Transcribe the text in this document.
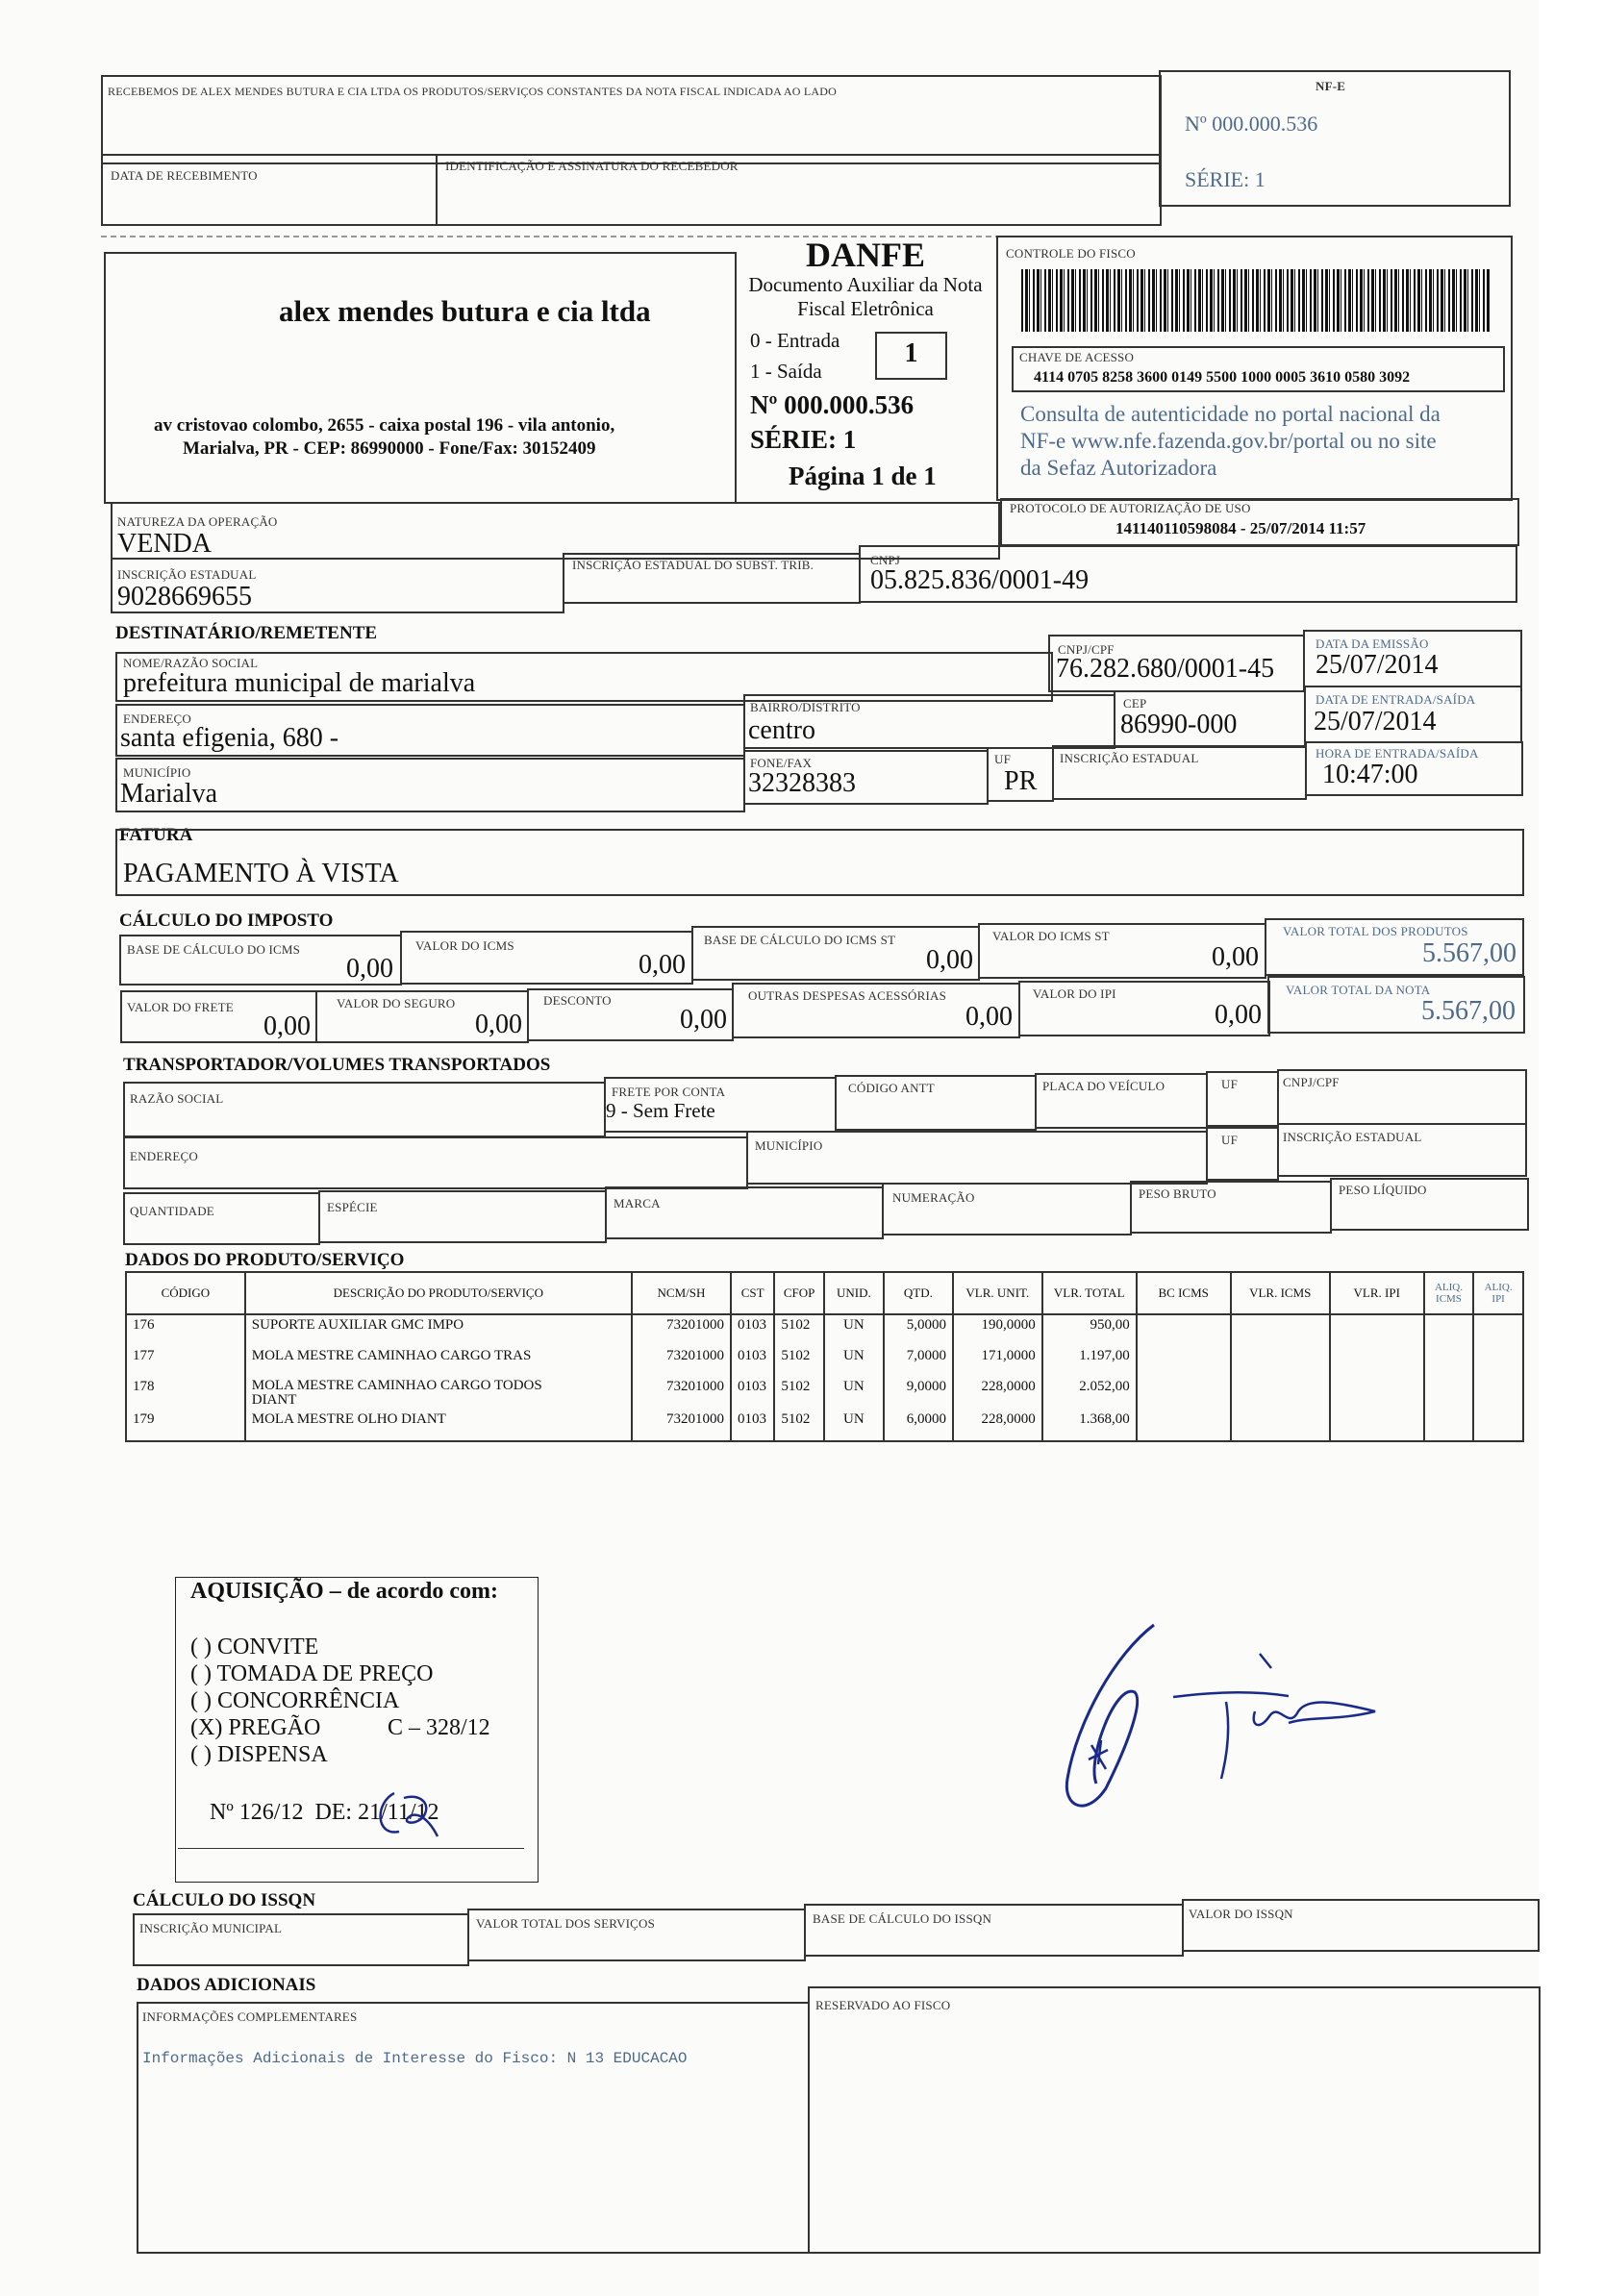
RECEBEMOS DE ALEX MENDES BUTURA E CIA LTDA OS PRODUTOS/SERVIÇOS CONSTANTES DA NOTA FISCAL INDICADA AO LADO
DATA DE RECEBIMENTO
IDENTIFICAÇÃO E ASSINATURA DO RECEBEDOR
NF-E
Nº 000.000.536
SÉRIE: 1
alex mendes butura e cia ltda
av cristovao colombo, 2655 - caixa postal 196 - vila antonio,
Marialva, PR - CEP: 86990000 - Fone/Fax: 30152409
DANFE
Documento Auxiliar da Nota
Fiscal Eletrônica
0 - Entrada
1 - Saída
1
Nº 000.000.536
SÉRIE: 1
Página 1 de 1
CONTROLE DO FISCO
CHAVE DE ACESSO
4114 0705 8258 3600 0149 5500 1000 0005 3610 0580 3092
Consulta de autenticidade no portal nacional da
NF-e www.nfe.fazenda.gov.br/portal ou no site
da Sefaz Autorizadora
NATUREZA DA OPERAÇÃO
VENDA
PROTOCOLO DE AUTORIZAÇÃO DE USO
141140110598084 - 25/07/2014 11:57
INSCRIÇÃO ESTADUAL
9028669655
INSCRIÇÃO ESTADUAL DO SUBST. TRIB.	CNPJ
05.825.836/0001-49
DESTINATÁRIO/REMETENTE
NOME/RAZÃO SOCIAL
prefeitura municipal de marialva
CNPJ/CPF
76.282.680/0001-45
DATA DA EMISSÃO
25/07/2014
ENDEREÇO
santa efigenia, 680 -
BAIRRO/DISTRITO
centro
CEP
86990-000
DATA DE ENTRADA/SAÍDA
25/07/2014
MUNICÍPIO
Marialva
FONE/FAX
32328383
UF
PR
INSCRIÇÃO ESTADUAL	HORA DE ENTRADA/SAÍDA
10:47:00
FATURA
PAGAMENTO À VISTA
CÁLCULO DO IMPOSTO
BASE DE CÁLCULO DO ICMS
0,00
VALOR DO ICMS
0,00
BASE DE CÁLCULO DO ICMS ST
0,00
VALOR DO ICMS ST
0,00
VALOR TOTAL DOS PRODUTOS
5.567,00
VALOR DO FRETE
0,00
VALOR DO SEGURO
0,00
DESCONTO
0,00
OUTRAS DESPESAS ACESSÓRIAS
0,00
VALOR DO IPI
0,00
VALOR TOTAL DA NOTA
5.567,00
TRANSPORTADOR/VOLUMES TRANSPORTADOS
RAZÃO SOCIAL	FRETE POR CONTA
9 - Sem Frete
CÓDIGO ANTT	PLACA DO VEÍCULO	UF	CNPJ/CPF
ENDEREÇO
MUNICÍPIO	UF	INSCRIÇÃO ESTADUAL
QUANTIDADE	ESPÉCIE	MARCA	NUMERAÇÃO	PESO BRUTO	PESO LÍQUIDO
DADOS DO PRODUTO/SERVIÇO
CÓDIGO	DESCRIÇÃO DO PRODUTO/SERVIÇO	NCM/SH	CST	CFOP	UNID.	QTD.	VLR. UNIT.	VLR. TOTAL	BC ICMS	VLR. ICMS	VLR. IPI	ALIQ. ICMS	ALIQ. IPI
176	SUPORTE AUXILIAR GMC IMPO	73201000	0103	5102	UN	5,0000	190,0000	950,00					
177	MOLA MESTRE CAMINHAO CARGO TRAS	73201000	0103	5102	UN	7,0000	171,0000	1.197,00					
178	MOLA MESTRE CAMINHAO CARGO TODOS
DIANT	73201000	0103	5102	UN	9,0000	228,0000	2.052,00					
179	MOLA MESTRE OLHO DIANT	73201000	0103	5102	UN	6,0000	228,0000	1.368,00					
AQUISIÇÃO – de acordo com:
( ) CONVITE
( ) TOMADA DE PREÇO
( ) CONCORRÊNCIA
(X) PREGÃO	C – 328/12
( ) DISPENSA
Nº 126/12  DE: 21/11/12
CÁLCULO DO ISSQN
INSCRIÇÃO MUNICIPAL	VALOR TOTAL DOS SERVIÇOS	BASE DE CÁLCULO DO ISSQN	VALOR DO ISSQN
DADOS ADICIONAIS
INFORMAÇÕES COMPLEMENTARES
Informações Adicionais de Interesse do Fisco: N 13 EDUCACAO
RESERVADO AO FISCO
